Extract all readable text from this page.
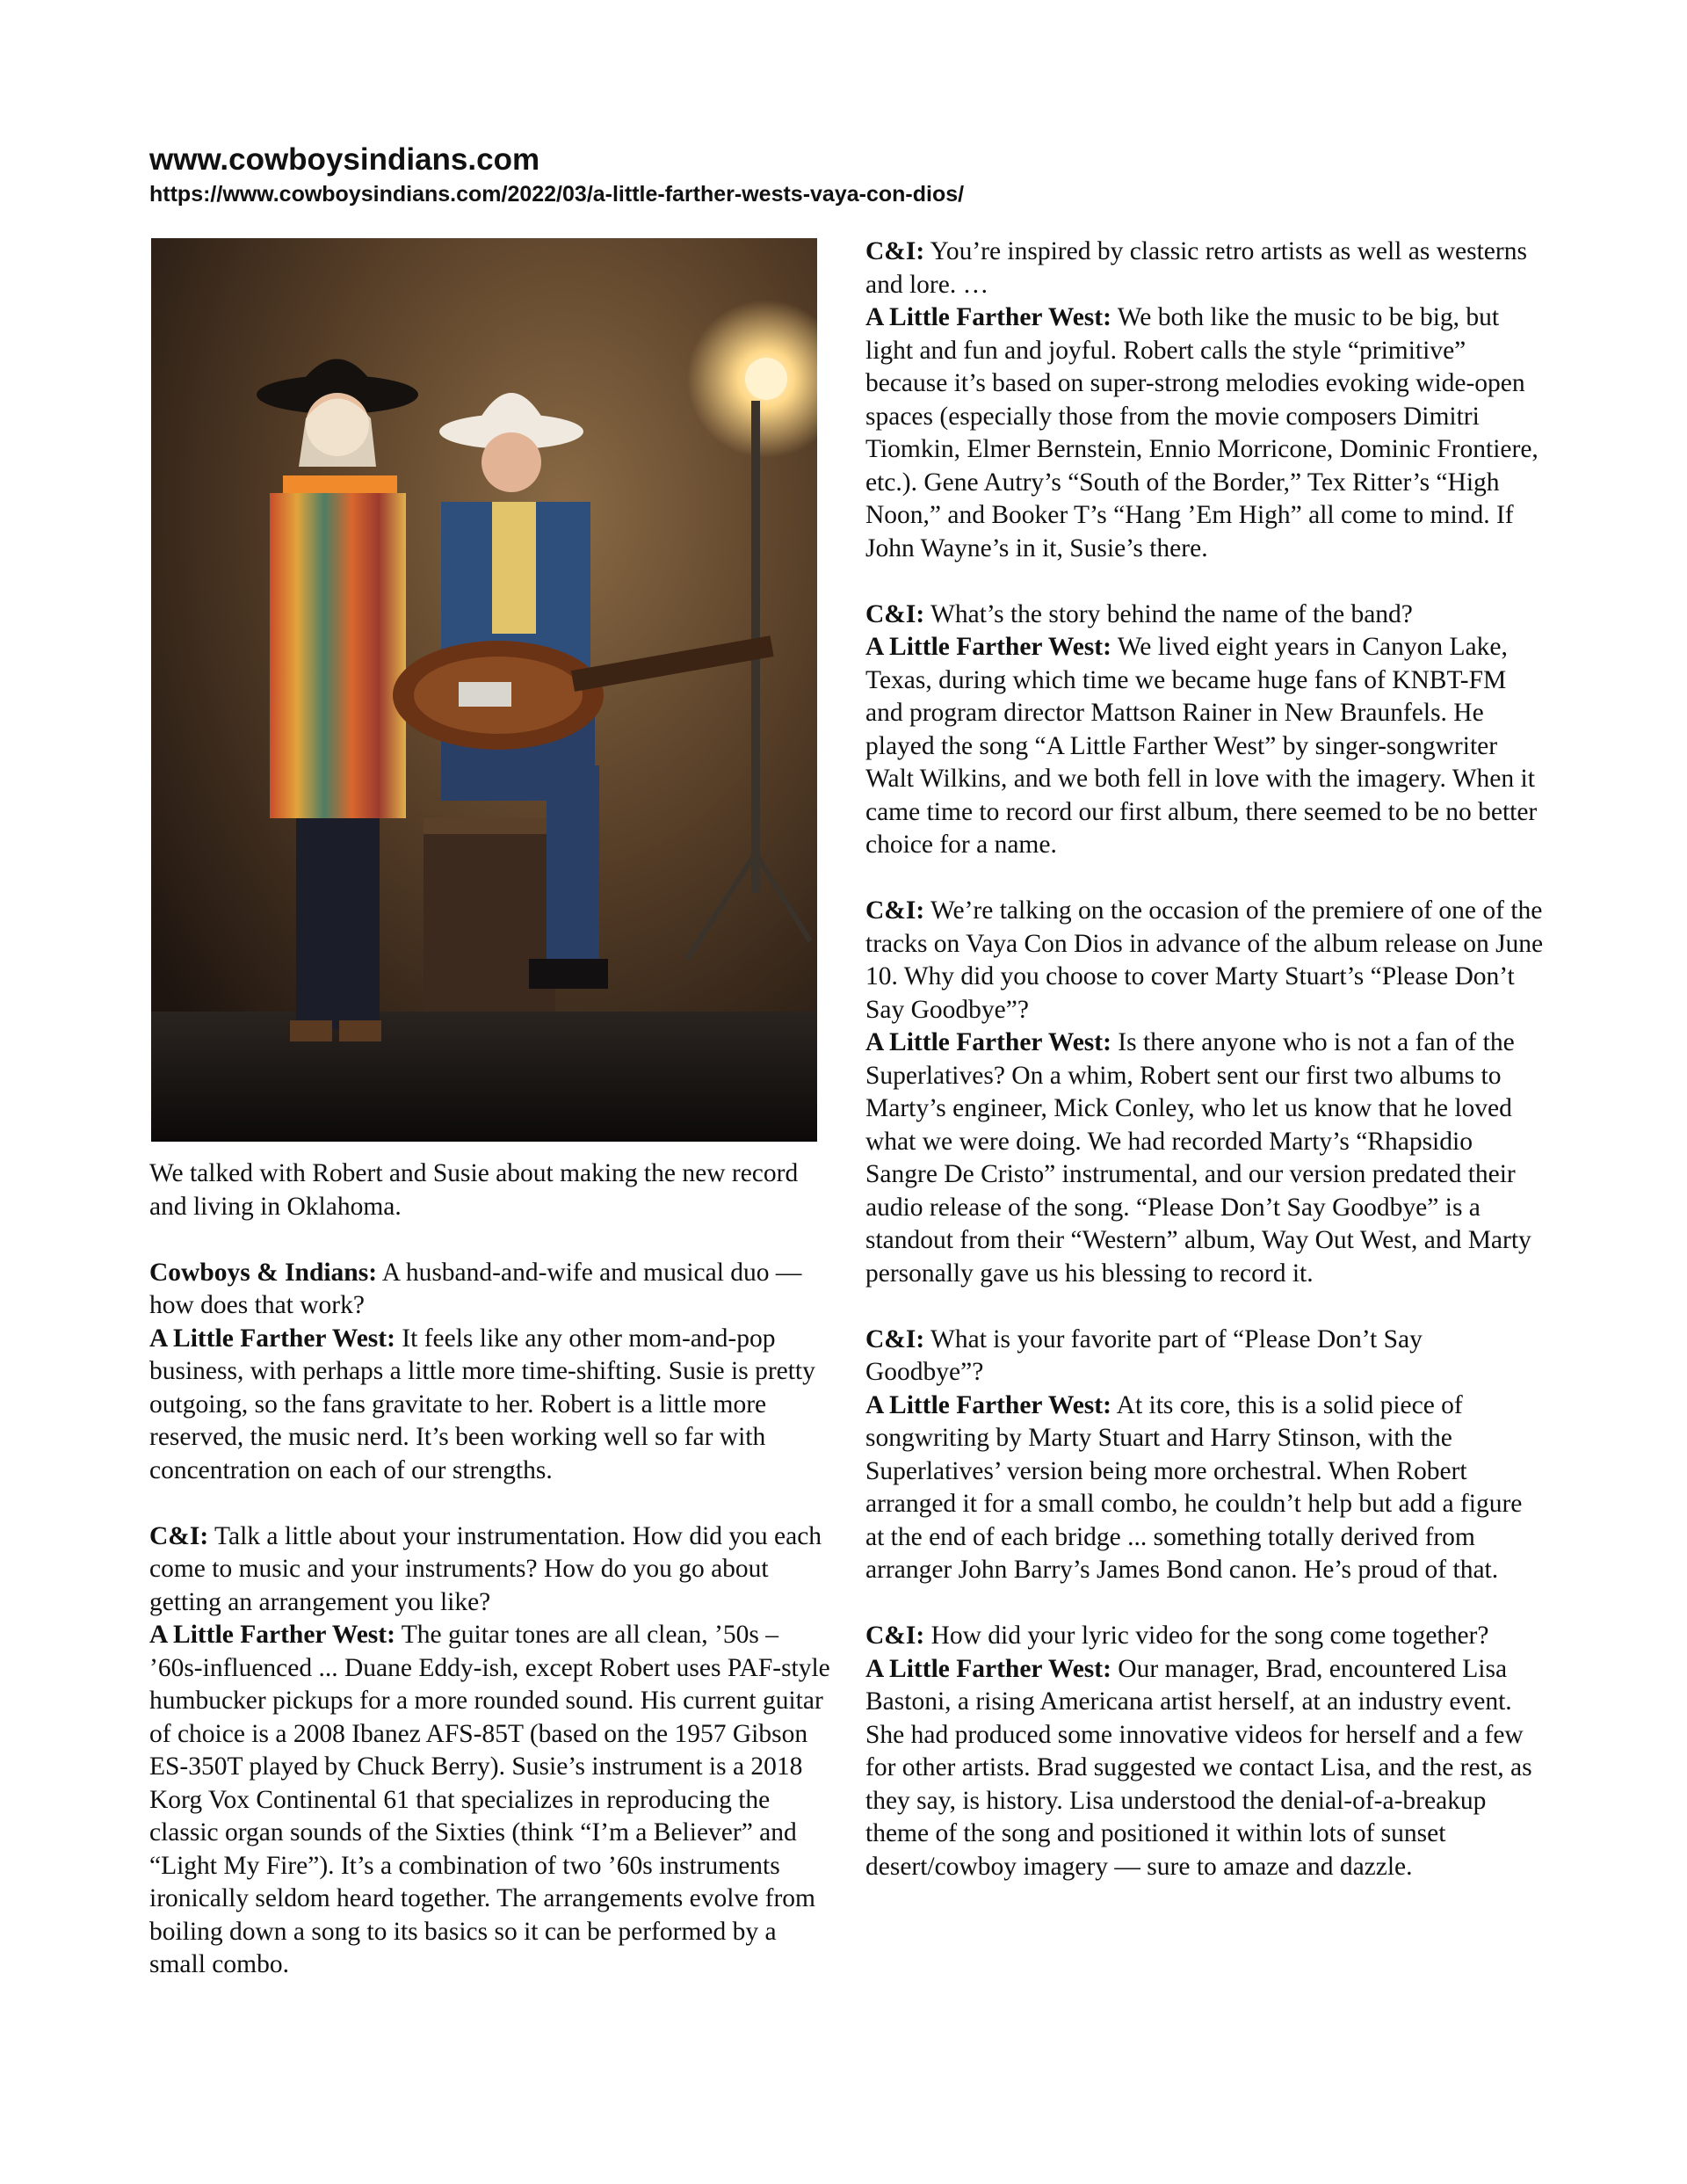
www.cowboysindians.com
https://www.cowboysindians.com/2022/03/a-little-farther-wests-vaya-con-dios/

We talked with Robert and Susie about making the new record and living in Oklahoma.

Cowboys & Indians: A husband-and-wife and musical duo — how does that work?

A Little Farther West: It feels like any other mom-and-pop business, with perhaps a little more time-shifting. Susie is pretty outgoing, so the fans gravitate to her. Robert is a little more reserved, the music nerd. It’s been working well so far with concentration on each of our strengths.

C&I: Talk a little about your instrumentation. How did you each come to music and your instruments? How do you go about getting an arrangement you like?

A Little Farther West: The guitar tones are all clean, ’50s – ’60s-influenced ... Duane Eddy-ish, except Robert uses PAF-style humbucker pickups for a more rounded sound. His current guitar of choice is a 2008 Ibanez AFS-85T (based on the 1957 Gibson ES-350T played by Chuck Berry). Susie’s instrument is a 2018 Korg Vox Continental 61 that specializes in reproducing the classic organ sounds of the Sixties (think “I’m a Believer” and “Light My Fire”). It’s a combination of two ’60s instruments ironically seldom heard together. The arrangements evolve from boiling down a song to its basics so it can be performed by a small combo.

C&I: You’re inspired by classic retro artists as well as westerns and lore. …

A Little Farther West: We both like the music to be big, but light and fun and joyful. Robert calls the style “primitive” because it’s based on super-strong melodies evoking wide-open spaces (especially those from the movie composers Dimitri Tiomkin, Elmer Bernstein, Ennio Morricone, Dominic Frontiere, etc.). Gene Autry’s “South of the Border,” Tex Ritter’s “High Noon,” and Booker T’s “Hang ’Em High” all come to mind. If John Wayne’s in it, Susie’s there.

C&I: What’s the story behind the name of the band?

A Little Farther West: We lived eight years in Canyon Lake, Texas, during which time we became huge fans of KNBT-FM and program director Mattson Rainer in New Braunfels. He played the song “A Little Farther West” by singer-songwriter Walt Wilkins, and we both fell in love with the imagery. When it came time to record our first album, there seemed to be no better choice for a name.

C&I: We’re talking on the occasion of the premiere of one of the tracks on Vaya Con Dios in advance of the album release on June 10. Why did you choose to cover Marty Stuart’s “Please Don’t Say Goodbye”?

A Little Farther West: Is there anyone who is not a fan of the Superlatives? On a whim, Robert sent our first two albums to Marty’s engineer, Mick Conley, who let us know that he loved what we were doing. We had recorded Marty’s “Rhapsidio Sangre De Cristo” instrumental, and our version predated their audio release of the song. “Please Don’t Say Goodbye” is a standout from their “Western” album, Way Out West, and Marty personally gave us his blessing to record it.

C&I: What is your favorite part of “Please Don’t Say Goodbye”?

A Little Farther West: At its core, this is a solid piece of songwriting by Marty Stuart and Harry Stinson, with the Superlatives’ version being more orchestral. When Robert arranged it for a small combo, he couldn’t help but add a figure at the end of each bridge ... something totally derived from arranger John Barry’s James Bond canon. He’s proud of that.

C&I: How did your lyric video for the song come together?

A Little Farther West: Our manager, Brad, encountered Lisa Bastoni, a rising Americana artist herself, at an industry event. She had produced some innovative videos for herself and a few for other artists. Brad suggested we contact Lisa, and the rest, as they say, is history. Lisa understood the denial-of-a-breakup theme of the song and positioned it within lots of sunset desert/cowboy imagery — sure to amaze and dazzle.
